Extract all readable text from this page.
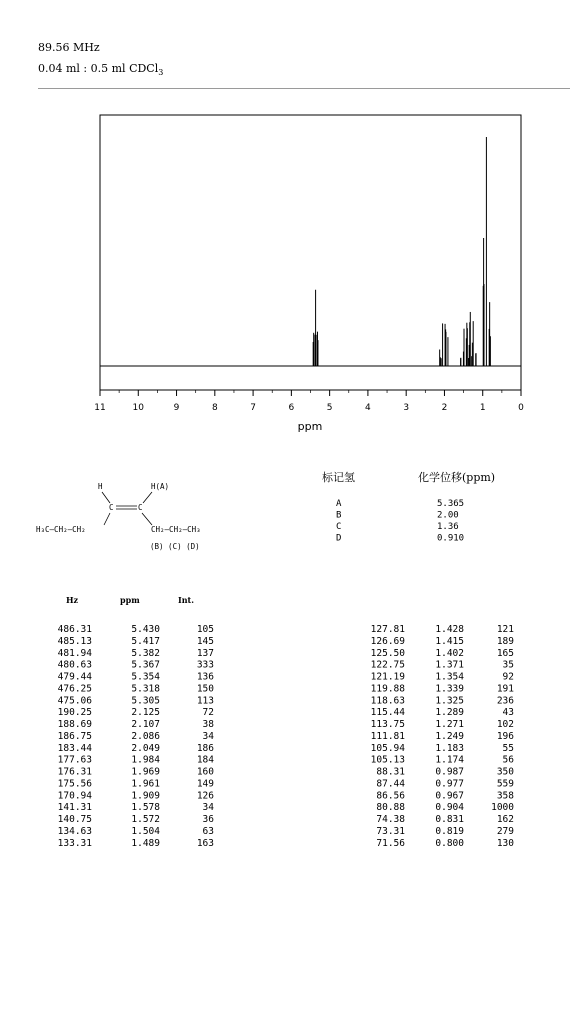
89.56 MHz
0.04 ml : 0.5 ml CDCl$_3$
11	10	9	8	7	6	5	4	3	2	1	0
ppm
H	H(A)
C	C
H₃C—CH₂—CH₂	CH₂—CH₂—CH₃
(B) (C) (D)
标记氢	化学位移(ppm)
A	5.365
B	2.00
C	1.36
D	0.910
Hz	ppm	Int.
486.31	5.430	105
485.13	5.417	145
481.94	5.382	137
480.63	5.367	333
479.44	5.354	136
476.25	5.318	150
475.06	5.305	113
190.25	2.125	72
188.69	2.107	38
186.75	2.086	34
183.44	2.049	186
177.63	1.984	184
176.31	1.969	160
175.56	1.961	149
170.94	1.909	126
141.31	1.578	34
140.75	1.572	36
134.63	1.504	63
133.31	1.489	163
127.81	1.428	121
126.69	1.415	189
125.50	1.402	165
122.75	1.371	35
121.19	1.354	92
119.88	1.339	191
118.63	1.325	236
115.44	1.289	43
113.75	1.271	102
111.81	1.249	196
105.94	1.183	55
105.13	1.174	56
88.31	0.987	350
87.44	0.977	559
86.56	0.967	358
80.88	0.904	1000
74.38	0.831	162
73.31	0.819	279
71.56	0.800	130
